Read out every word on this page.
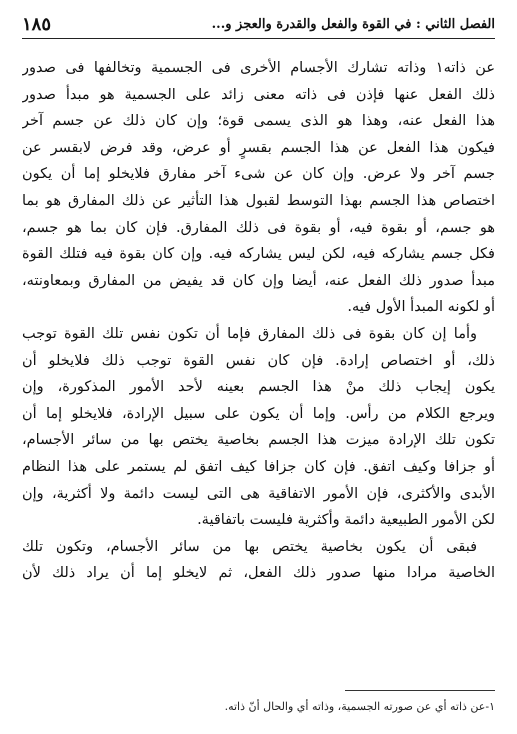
١٨٥	الفصل الثاني : في القوة والفعل والقدرة والعجز و...

عن ذاته١ وذاته تشارك الأجسام الأخرى فى الجسمية وتخالفها فى صدور
ذلك الفعل عنها فإذن فى ذاته معنى زائد على الجسمية هو مبدأ صدور
هذا الفعل عنه، وهذا هو الذى يسمى قوة؛ وإن كان ذلك عن جسم آخر
فيكون هذا الفعل عن هذا الجسم بقسرٍ أو عرض، وقد فرض لابقسر عن
جسم آخر ولا عرض. وإن كان عن شىء آخر مفارق فلايخلو إما أن يكون
اختصاص هذا الجسم بهذا التوسط لقبول هذا التأثير عن ذلك المفارق هو بما
هو جسم، أو بقوة فيه، أو بقوة فى ذلك المفارق. فإن كان بما هو جسم،
فكل جسم يشاركه فيه، لكن ليس يشاركه فيه. وإن كان بقوة فيه فتلك القوة
مبدأ صدور ذلك الفعل عنه، أيضا وإن كان قد يفيض من المفارق وبمعاونته،
أو لكونه المبدأ الأول فيه.

وأما إن كان بقوة فى ذلك المفارق فإما أن تكون نفس تلك القوة توجب
ذلك، أو اختصاص إرادة. فإن كان نفس القوة توجب ذلك فلايخلو أن
يكون إيجاب ذلك منْ هذا الجسم بعينه لأحد الأمور المذكورة، وإن
ويرجع الكلام من رأس. وإما أن يكون على سبيل الإرادة، فلايخلو إما أن
تكون تلك الإرادة ميزت هذا الجسم بخاصية يختص بها من سائر الأجسام،
أو جزافا وكيف اتفق. فإن كان جزافا كيف اتفق لم يستمر على هذا النظام
الأبدى والأكثرى، فإن الأمور الاتفاقية هى التى ليست دائمة ولا أكثرية، وإن
لكن الأمور الطبيعية دائمة وأكثرية فليست باتفاقية.

فبقى أن يكون بخاصية يختص بها من سائر الأجسام، وتكون تلك
الخاصية مرادا منها صدور ذلك الفعل، ثم لايخلو إما أن يراد ذلك لأن

١-عن ذاته أي عن صورته الجسمية، وذاته أي والحال أنّ ذاته.
